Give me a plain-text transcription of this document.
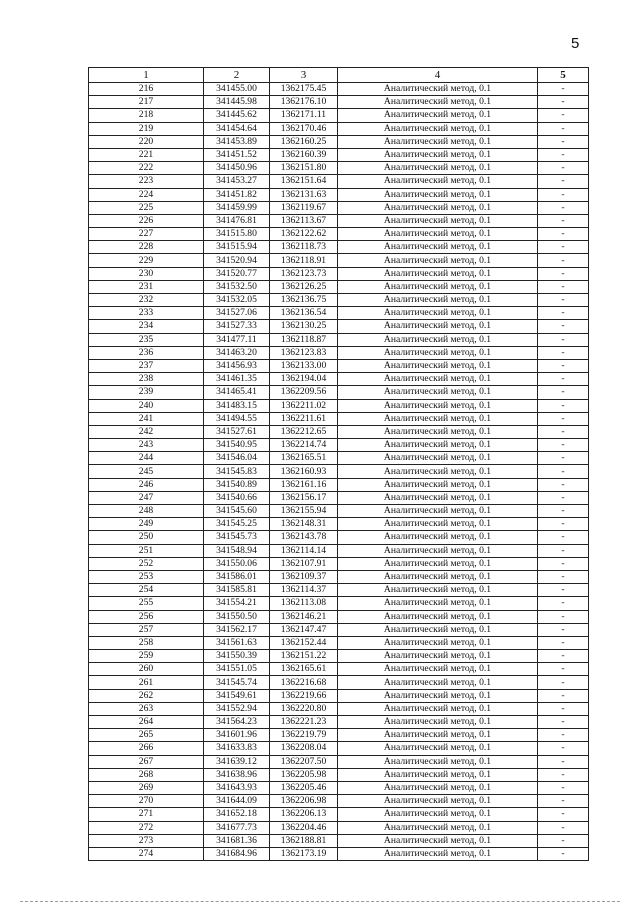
5
1	2	3	4	5
216	341455.00	1362175.45	Аналитический метод, 0.1	-
217	341445.98	1362176.10	Аналитический метод, 0.1	-
218	341445.62	1362171.11	Аналитический метод, 0.1	-
219	341454.64	1362170.46	Аналитический метод, 0.1	-
220	341453.89	1362160.25	Аналитический метод, 0.1	-
221	341451.52	1362160.39	Аналитический метод, 0.1	-
222	341450.96	1362151.80	Аналитический метод, 0.1	-
223	341453.27	1362151.64	Аналитический метод, 0.1	-
224	341451.82	1362131.63	Аналитический метод, 0.1	-
225	341459.99	1362119.67	Аналитический метод, 0.1	-
226	341476.81	1362113.67	Аналитический метод, 0.1	-
227	341515.80	1362122.62	Аналитический метод, 0.1	-
228	341515.94	1362118.73	Аналитический метод, 0.1	-
229	341520.94	1362118.91	Аналитический метод, 0.1	-
230	341520.77	1362123.73	Аналитический метод, 0.1	-
231	341532.50	1362126.25	Аналитический метод, 0.1	-
232	341532.05	1362136.75	Аналитический метод, 0.1	-
233	341527.06	1362136.54	Аналитический метод, 0.1	-
234	341527.33	1362130.25	Аналитический метод, 0.1	-
235	341477.11	1362118.87	Аналитический метод, 0.1	-
236	341463.20	1362123.83	Аналитический метод, 0.1	-
237	341456.93	1362133.00	Аналитический метод, 0.1	-
238	341461.35	1362194.04	Аналитический метод, 0.1	-
239	341465.41	1362209.56	Аналитический метод, 0.1	-
240	341483.15	1362211.02	Аналитический метод, 0.1	-
241	341494.55	1362211.61	Аналитический метод, 0.1	-
242	341527.61	1362212.65	Аналитический метод, 0.1	-
243	341540.95	1362214.74	Аналитический метод, 0.1	-
244	341546.04	1362165.51	Аналитический метод, 0.1	-
245	341545.83	1362160.93	Аналитический метод, 0.1	-
246	341540.89	1362161.16	Аналитический метод, 0.1	-
247	341540.66	1362156.17	Аналитический метод, 0.1	-
248	341545.60	1362155.94	Аналитический метод, 0.1	-
249	341545.25	1362148.31	Аналитический метод, 0.1	-
250	341545.73	1362143.78	Аналитический метод, 0.1	-
251	341548.94	1362114.14	Аналитический метод, 0.1	-
252	341550.06	1362107.91	Аналитический метод, 0.1	-
253	341586.01	1362109.37	Аналитический метод, 0.1	-
254	341585.81	1362114.37	Аналитический метод, 0.1	-
255	341554.21	1362113.08	Аналитический метод, 0.1	-
256	341550.50	1362146.21	Аналитический метод, 0.1	-
257	341562.17	1362147.47	Аналитический метод, 0.1	-
258	341561.63	1362152.44	Аналитический метод, 0.1	-
259	341550.39	1362151.22	Аналитический метод, 0.1	-
260	341551.05	1362165.61	Аналитический метод, 0.1	-
261	341545.74	1362216.68	Аналитический метод, 0.1	-
262	341549.61	1362219.66	Аналитический метод, 0.1	-
263	341552.94	1362220.80	Аналитический метод, 0.1	-
264	341564.23	1362221.23	Аналитический метод, 0.1	-
265	341601.96	1362219.79	Аналитический метод, 0.1	-
266	341633.83	1362208.04	Аналитический метод, 0.1	-
267	341639.12	1362207.50	Аналитический метод, 0.1	-
268	341638.96	1362205.98	Аналитический метод, 0.1	-
269	341643.93	1362205.46	Аналитический метод, 0.1	-
270	341644.09	1362206.98	Аналитический метод, 0.1	-
271	341652.18	1362206.13	Аналитический метод, 0.1	-
272	341677.73	1362204.46	Аналитический метод, 0.1	-
273	341681.36	1362188.81	Аналитический метод, 0.1	-
274	341684.96	1362173.19	Аналитический метод, 0.1	-
